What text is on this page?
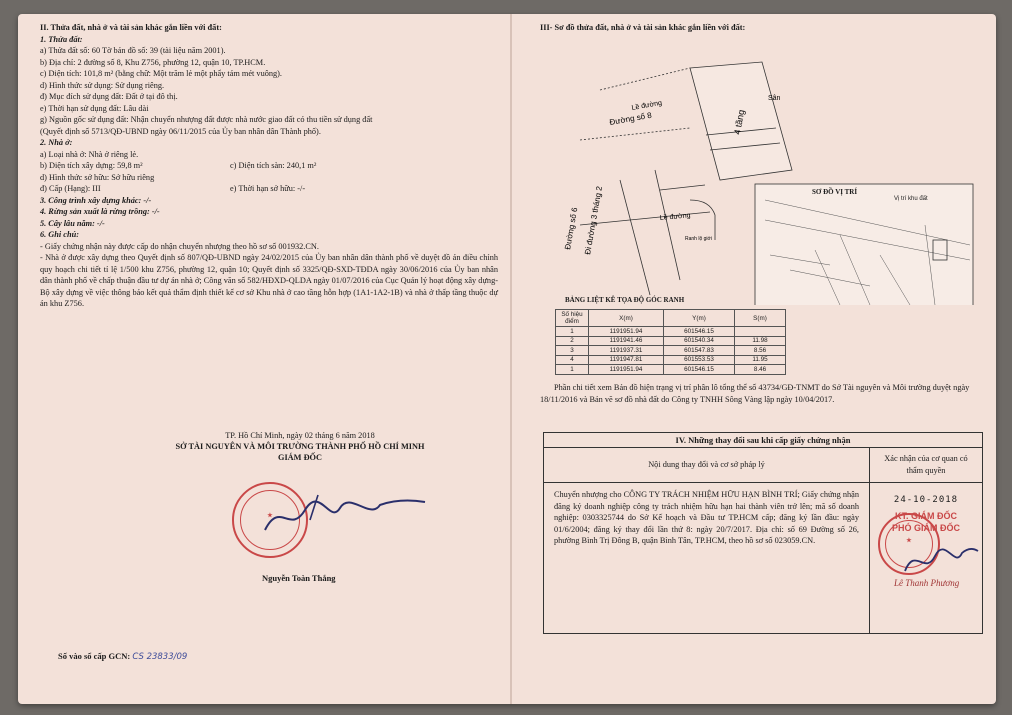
II. Thửa đất, nhà ở và tài sản khác gắn liền với đất:
1. Thửa đất:
a) Thửa đất số: 60 Tờ bản đồ số: 39 (tài liệu năm 2001).
b) Địa chỉ: 2 đường số 8, Khu Z756, phường 12, quận 10, TP.HCM.
c) Diện tích: 101,8 m² (bằng chữ: Một trăm lẻ một phẩy tám mét vuông).
d) Hình thức sử dụng: Sử dụng riêng.
đ) Mục đích sử dụng đất: Đất ở tại đô thị.
e) Thời hạn sử dụng đất: Lâu dài
g) Nguồn gốc sử dụng đất: Nhận chuyển nhượng đất được nhà nước giao đất có thu tiền sử dụng đất
(Quyết định số 5713/QĐ-UBND ngày 06/11/2015 của Ủy ban nhân dân Thành phố).
2. Nhà ở:
a) Loại nhà ở: Nhà ở riêng lẻ.
b) Diện tích xây dựng: 59,8 m²	c) Diện tích sàn: 240,1 m²
d) Hình thức sở hữu: Sở hữu riêng
đ) Cấp (Hạng): III	e) Thời hạn sở hữu: -/-
3. Công trình xây dựng khác: -/-
4. Rừng sản xuất là rừng trồng: -/-
5. Cây lâu năm: -/-
6. Ghi chú:
- Giấy chứng nhận này được cấp do nhận chuyển nhượng theo hồ sơ số 001932.CN.
- Nhà ở được xây dựng theo Quyết định số 807/QĐ-UBND ngày 24/02/2015 của Ủy ban nhân dân thành phố về duyệt đồ án điều chỉnh quy hoạch chi tiết tỉ lệ 1/500 khu Z756, phường 12, quận 10; Quyết định số 3325/QĐ-SXD-TĐDA ngày 30/06/2016 của Ủy ban nhân dân thành phố về chấp thuận đầu tư dự án nhà ở; Công văn số 582/HĐXD-QLDA ngày 01/07/2016 của Cục Quản lý hoạt động xây dựng-Bộ xây dựng về việc thông báo kết quả thẩm định thiết kế cơ sở Khu nhà ở cao tầng hỗn hợp (1A1-1A2-1B) và nhà ở thấp tầng thuộc dự án khu Z756.
TP. Hồ Chí Minh, ngày 02 tháng 6 năm 2018
SỞ TÀI NGUYÊN VÀ MÔI TRƯỜNG THÀNH PHỐ HỒ CHÍ MINH
GIÁM ĐỐC
★
Nguyễn Toàn Thắng
Số vào sổ cấp GCN: CS 23833/09
III- Sơ đồ thửa đất, nhà ở và tài sản khác gắn liền với đất:
4 tầng
Sân
Đường số 8
Lề đường
Đường số 6 Đi đường 3 tháng 2	Lề đường
Ranh lộ giới
SƠ ĐỒ VỊ TRÍ
Vị trí khu đất
BẢNG LIỆT KÊ TỌA ĐỘ GÓC RANH
Số hiệu điểm	X(m)	Y(m)	S(m)
1	1191951.94	601546.15	
2	1191941.46	601540.34	11.98
3	1191937.31	601547.83	8.56
4	1191947.81	601553.53	11.95
1	1191951.94	601546.15	8.46
Phần chi tiết xem Bản đồ hiện trạng vị trí phân lô tổng thể số 43734/GĐ-TNMT do Sở Tài nguyên và Môi trường duyệt ngày 18/11/2016 và Bản vẽ sơ đồ nhà đất do Công ty TNHH Sông Vàng lập ngày 10/04/2017.
IV. Những thay đổi sau khi cấp giấy chứng nhận
Nội dung thay đổi và cơ sở pháp lý
Chuyển nhượng cho CÔNG TY TRÁCH NHIỆM HỮU HẠN BÌNH TRÍ; Giấy chứng nhận đăng ký doanh nghiệp công ty trách nhiệm hữu hạn hai thành viên trở lên; mã số doanh nghiệp: 0303325744 do Sở Kế hoạch và Đầu tư TP.HCM cấp; đăng ký lần đầu: ngày 01/6/2004; đăng ký thay đổi lần thứ 8: ngày 20/7/2017. Địa chỉ: số 69 Đường số 26, phường Bình Trị Đông B, quận Bình Tân, TP.HCM, theo hồ sơ số 023059.CN.
Xác nhận của cơ quan có thẩm quyền
24-10-2018
KT. GIÁM ĐỐC
PHÓ GIÁM ĐỐC
★
Lê Thanh Phương
